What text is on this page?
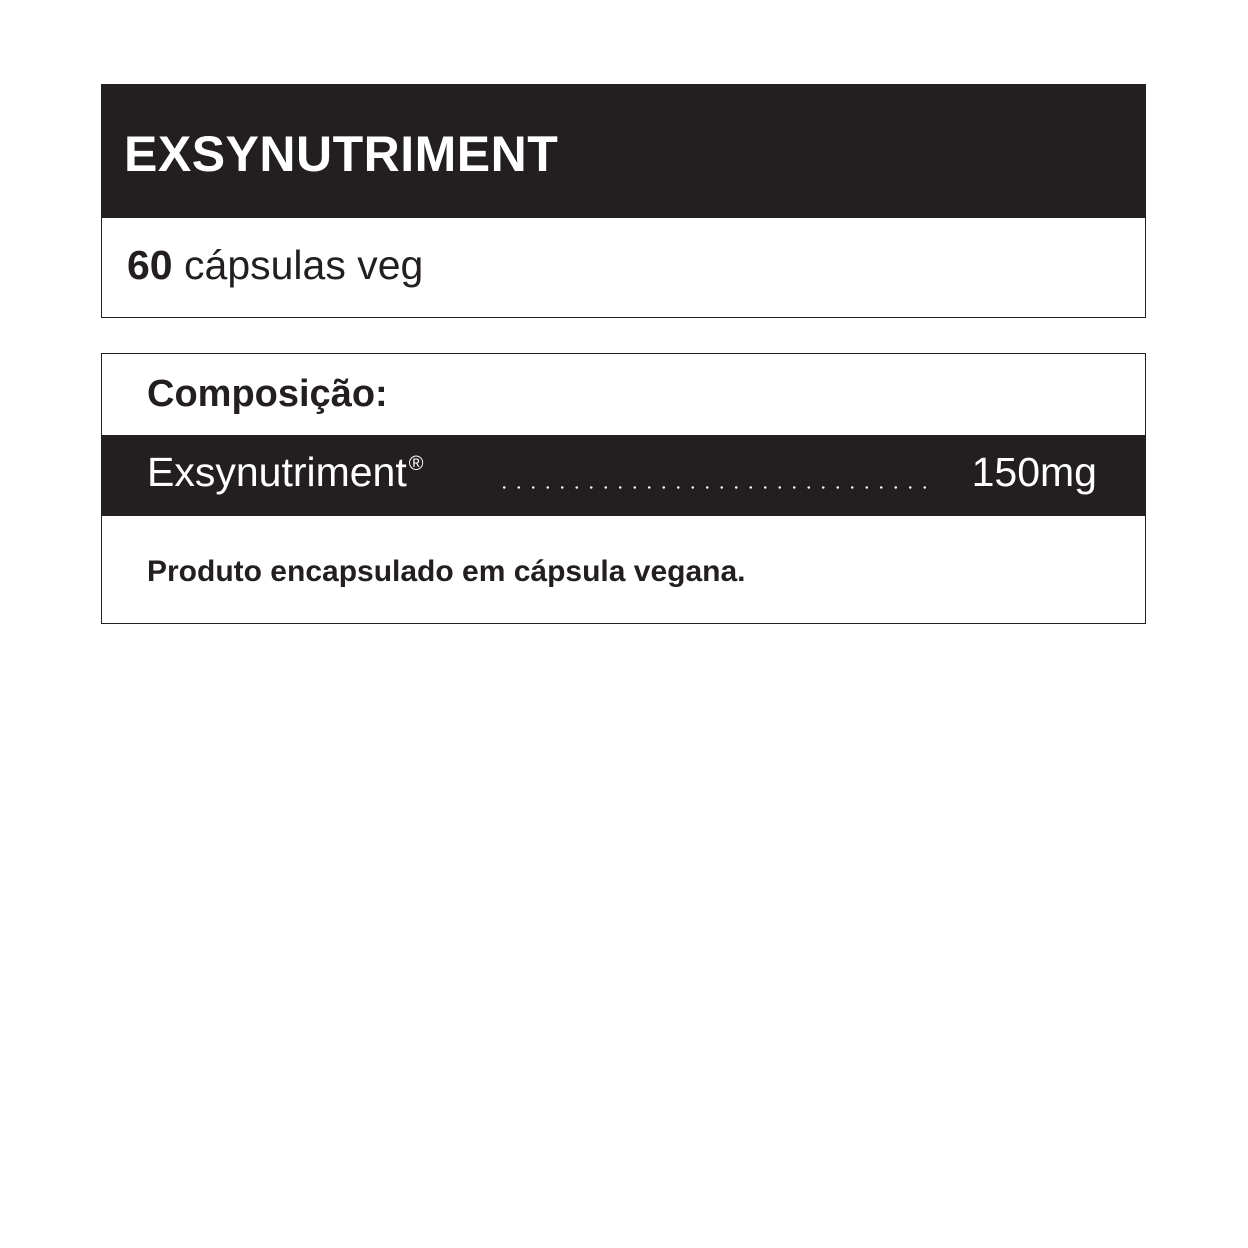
EXSYNUTRIMENT
60 cápsulas veg
Composição:
Exsynutriment ®	150mg
Produto encapsulado em cápsula vegana.
